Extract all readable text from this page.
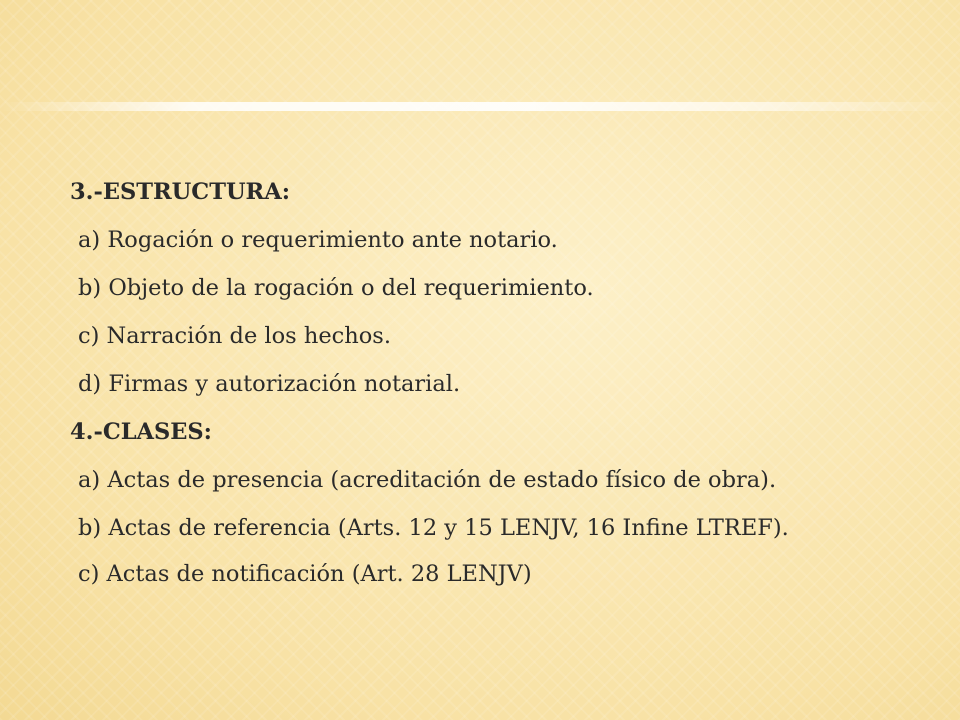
3.-ESTRUCTURA:

a) Rogación o requerimiento ante notario.

b) Objeto de la rogación o del requerimiento.

c) Narración de los hechos.

d) Firmas y autorización notarial.

4.-CLASES:

a) Actas de presencia (acreditación de estado físico de obra).

b) Actas de referencia (Arts. 12 y 15 LENJV, 16 Infine LTREF).

c) Actas de notificación (Art. 28 LENJV)
